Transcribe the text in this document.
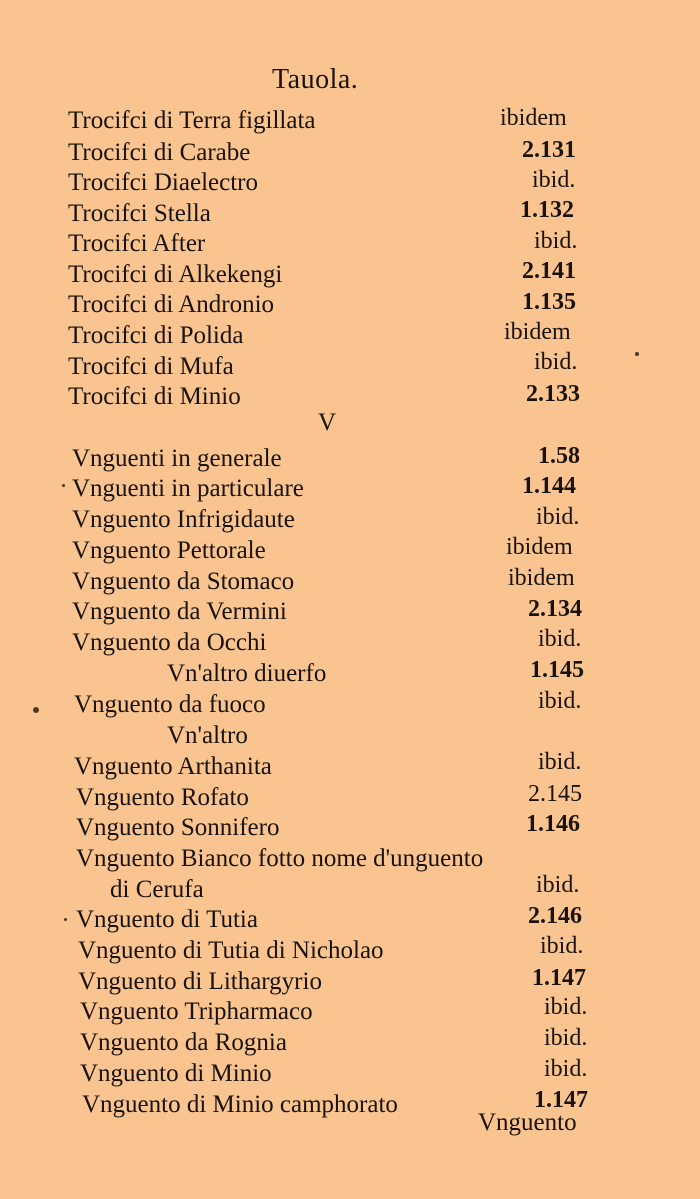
Tauola.
Trocifci di Terra figillata	ibidem
Trocifci di Carabe	2.131
Trocifci Diaelectro	ibid.
Trocifci Stella	1.132
Trocifci After	ibid.
Trocifci di Alkekengi	2.141
Trocifci di Andronio	1.135
Trocifci di Polida	ibidem
Trocifci di Mufa	ibid.
Trocifci di Minio	2.133
V
Vnguenti in generale	1.58
Vnguenti in particulare	1.144
Vnguento Infrigidaute	ibid.
Vnguento Pettorale	ibidem
Vnguento da Stomaco	ibidem
Vnguento da Vermini	2.134
Vnguento da Occhi	ibid.
Vn'altro diuerfo	1.145
Vnguento da fuoco	ibid.
Vn'altro
Vnguento Arthanita	ibid.
Vnguento Rofato	2.145
Vnguento Sonnifero	1.146
Vnguento Bianco fotto nome d'unguento
di Cerufa	ibid.
Vnguento di Tutia	2.146
Vnguento di Tutia di Nicholao	ibid.
Vnguento di Lithargyrio	1.147
Vnguento Tripharmaco	ibid.
Vnguento da Rognia	ibid.
Vnguento di Minio	ibid.
Vnguento di Minio camphorato	1.147
Vnguento
